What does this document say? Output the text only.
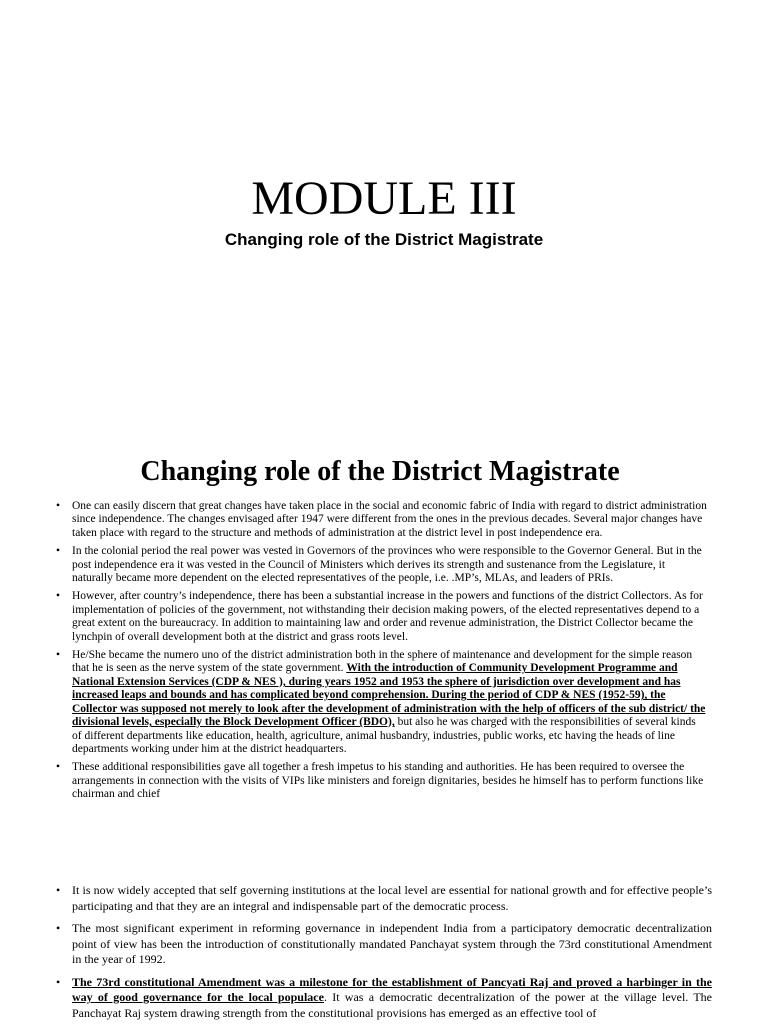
MODULE III
Changing role of the District Magistrate
Changing role of the District Magistrate
• One can easily discern that great changes have taken place in the social and economic fabric of India with regard to district administration since independence. The changes envisaged after 1947 were different from the ones in the previous decades. Several major changes have taken place with regard to the structure and methods of administration at the district level in post independence era.
• In the colonial period the real power was vested in Governors of the provinces who were responsible to the Governor General. But in the post independence era it was vested in the Council of Ministers which derives its strength and sustenance from the Legislature, it naturally became more dependent on the elected representatives of the people, i.e. .MP’s, MLAs, and leaders of PRIs.
• However, after country’s independence, there has been a substantial increase in the powers and functions of the district Collectors. As for implementation of policies of the government, not withstanding their decision making powers, of the elected representatives depend to a great extent on the bureaucracy. In addition to maintaining law and order and revenue administration, the District Collector became the lynchpin of overall development both at the district and grass roots level.
• He/She became the numero uno of the district administration both in the sphere of maintenance and development for the simple reason that he is seen as the nerve system of the state government. With the introduction of Community Development Programme and National Extension Services (CDP & NES ), during years 1952 and 1953 the sphere of jurisdiction over development and has increased leaps and bounds and has complicated beyond comprehension. During the period of CDP & NES (1952-59), the Collector was supposed not merely to look after the development of administration with the help of officers of the sub district/ the divisional levels, especially the Block Development Officer (BDO), but also he was charged with the responsibilities of several kinds of different departments like education, health, agriculture, animal husbandry, industries, public works, etc having the heads of line departments working under him at the district headquarters.
• These additional responsibilities gave all together a fresh impetus to his standing and authorities. He has been required to oversee the arrangements in connection with the visits of VIPs like ministers and foreign dignitaries, besides he himself has to perform functions like chairman and chief
• It is now widely accepted that self governing institutions at the local level are essential for national growth and for effective people’s participating and that they are an integral and indispensable part of the democratic process.
• The most significant experiment in reforming governance in independent India from a participatory democratic decentralization point of view has been the introduction of constitutionally mandated Panchayat system through the 73rd constitutional Amendment in the year of 1992.
• The 73rd constitutional Amendment was a milestone for the establishment of Pancyati Raj and proved a harbinger in the way of good governance for the local populace. It was a democratic decentralization of the power at the village level. The Panchayat Raj system drawing strength from the constitutional provisions has emerged as an effective tool of
